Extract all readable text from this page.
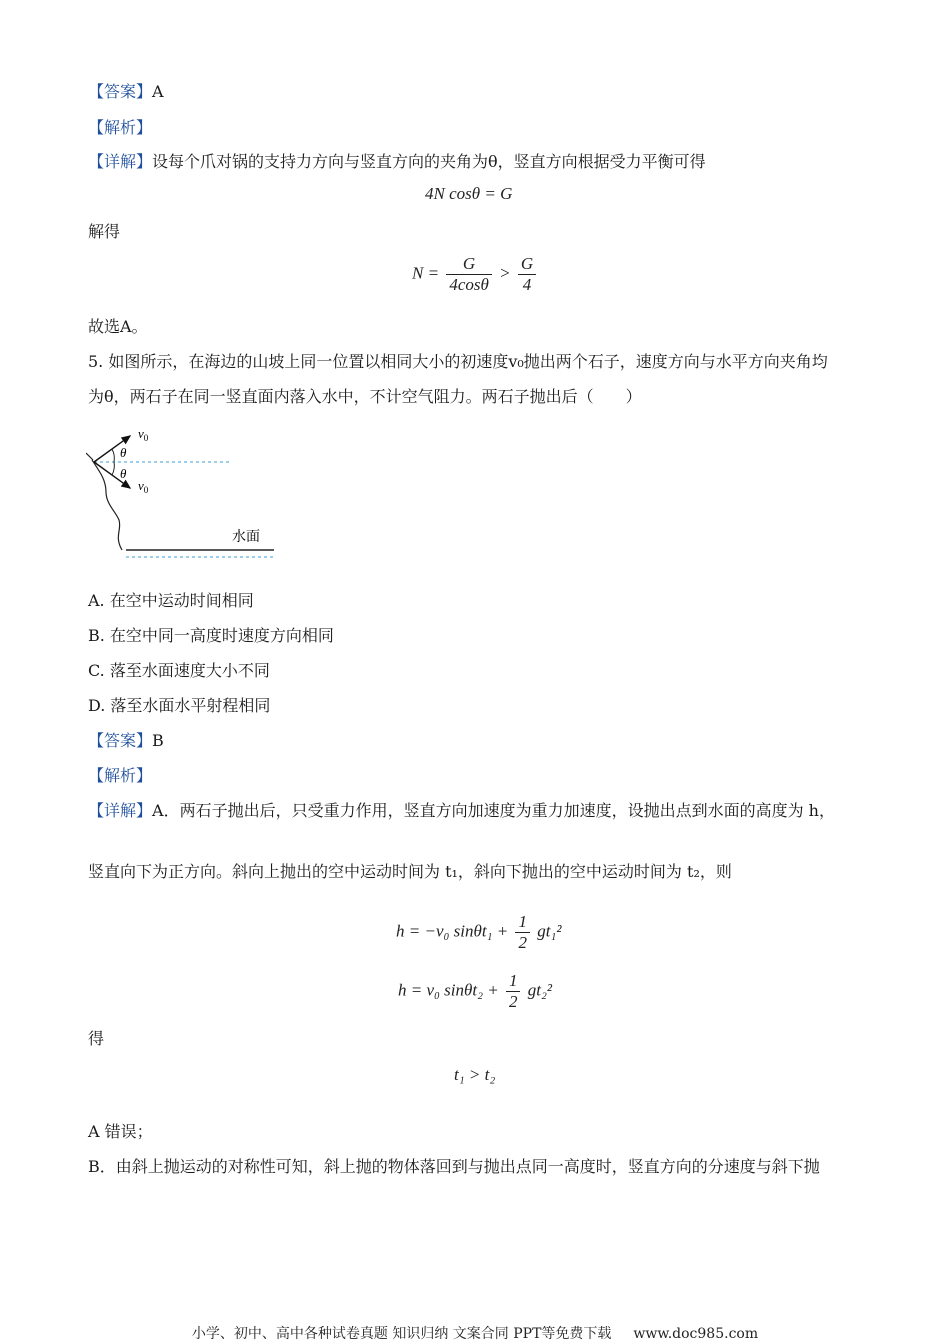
【答案】A
【解析】
【详解】设每个爪对锅的支持力方向与竖直方向的夹角为θ，竖直方向根据受力平衡可得
4N cosθ = G
解得
$N = \frac{G}{4\cos\theta} > \frac{G}{4}$
故选A。
5. 如图所示，在海边的山坡上同一位置以相同大小的初速度v₀抛出两个石子，速度方向与水平方向夹角均
为θ，两石子在同一竖直面内落入水中，不计空气阻力。两石子抛出后（　　）
$v_0$
$v_0$
θ
θ
水面
A. 在空中运动时间相同
B. 在空中同一高度时速度方向相同
C. 落至水面速度大小不同
D. 落至水面水平射程相同
【答案】B
【解析】
【详解】A．两石子抛出后，只受重力作用，竖直方向加速度为重力加速度，设抛出点到水面的高度为 h，
竖直向下为正方向。斜向上抛出的空中运动时间为 t₁，斜向下抛出的空中运动时间为 t₂，则
h = −v₀ $\sin\theta t_1 + \frac{1}{2} gt_1^2$
h = v₀ $\sin\theta t_2 + \frac{1}{2} gt_2^2$
得
t₁ > t₂
A 错误；
B．由斜上抛运动的对称性可知，斜上抛的物体落回到与抛出点同一高度时，竖直方向的分速度与斜下抛
小学、初中、高中各种试卷真题 知识归纳 文案合同 PPT等免费下载 www.doc985.com
